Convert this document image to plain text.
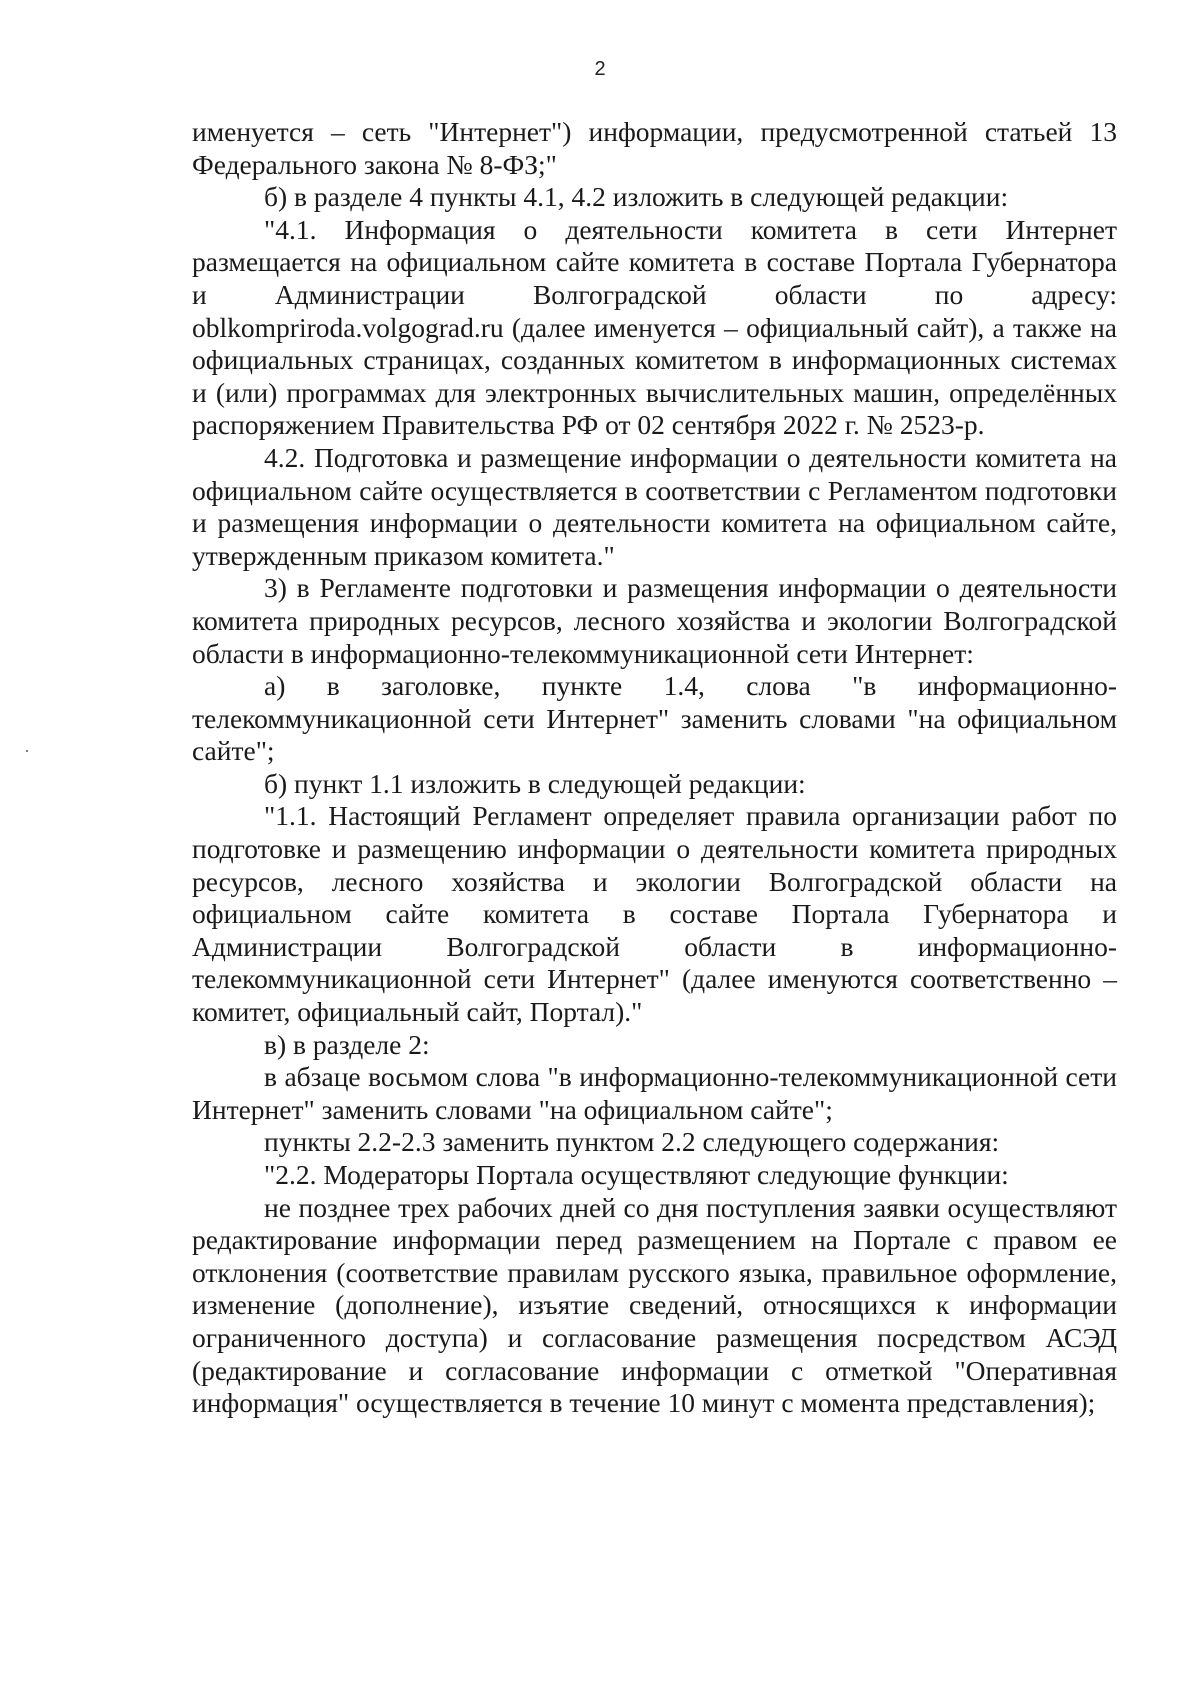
2

именуется – сеть "Интернет") информации, предусмотренной статьей 13 Федерального закона № 8-ФЗ;"

б) в разделе 4 пункты 4.1, 4.2 изложить в следующей редакции:

"4.1. Информация о деятельности комитета в сети Интернет размещается на официальном сайте комитета в составе Портала Губернатора и Администрации Волгоградской области по адресу: oblkompriroda.volgograd.ru (далее именуется – официальный сайт), а также на официальных страницах, созданных комитетом в информационных системах и (или) программах для электронных вычислительных машин, определённых распоряжением Правительства РФ от 02 сентября 2022 г. № 2523-р.

4.2. Подготовка и размещение информации о деятельности комитета на официальном сайте осуществляется в соответствии с Регламентом подготовки и размещения информации о деятельности комитета на официальном сайте, утвержденным приказом комитета."

3) в Регламенте подготовки и размещения информации о деятельности комитета природных ресурсов, лесного хозяйства и экологии Волгоградской области в информационно-телекоммуникационной сети Интернет:

а) в заголовке, пункте 1.4, слова "в информационно-телекоммуникационной сети Интернет" заменить словами "на официальном сайте";

б) пункт 1.1 изложить в следующей редакции:

"1.1. Настоящий Регламент определяет правила организации работ по подготовке и размещению информации о деятельности комитета природных ресурсов, лесного хозяйства и экологии Волгоградской области на официальном сайте комитета в составе Портала Губернатора и Администрации Волгоградской области в информационно-телекоммуникационной сети Интернет" (далее именуются соответственно – комитет, официальный сайт, Портал)."

в) в разделе 2:

в абзаце восьмом слова "в информационно-телекоммуникационной сети Интернет" заменить словами "на официальном сайте";

пункты 2.2-2.3 заменить пунктом 2.2 следующего содержания:

"2.2. Модераторы Портала осуществляют следующие функции:

не позднее трех рабочих дней со дня поступления заявки осуществляют редактирование информации перед размещением на Портале с правом ее отклонения (соответствие правилам русского языка, правильное оформление, изменение (дополнение), изъятие сведений, относящихся к информации ограниченного доступа) и согласование размещения посредством АСЭД (редактирование и согласование информации с отметкой "Оперативная информация" осуществляется в течение 10 минут с момента представления);
